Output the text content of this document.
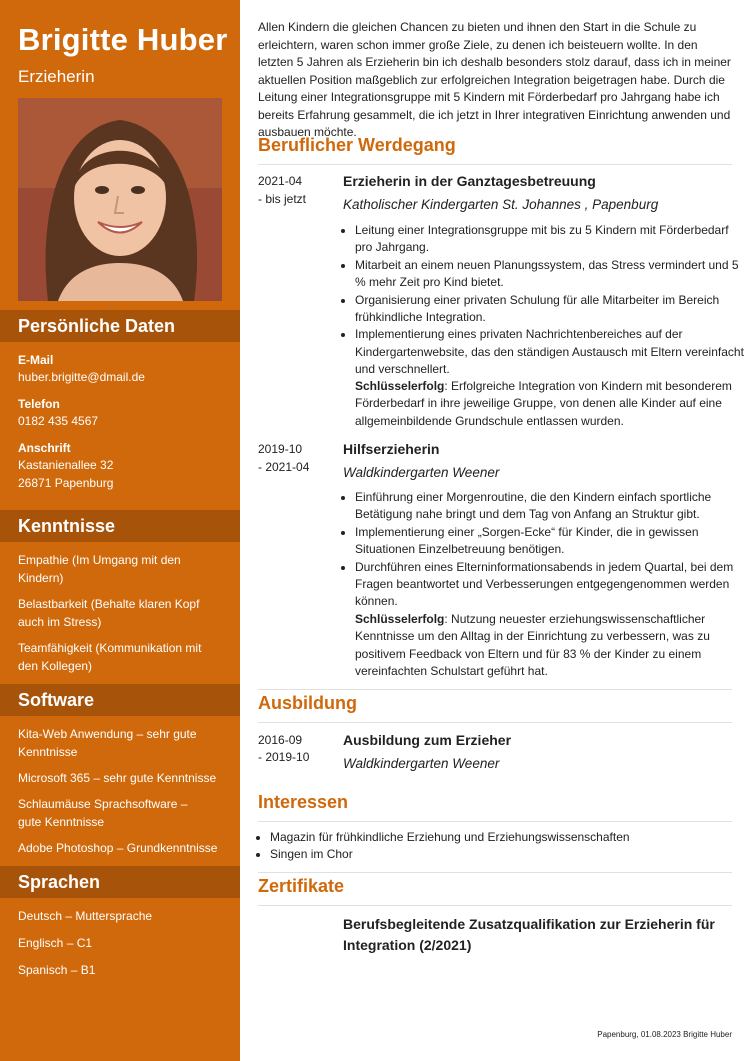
Brigitte Huber
Erzieherin
Persönliche Daten
E-Mail
huber.brigitte@dmail.de
Telefon
0182 435 4567
Anschrift
Kastanienallee 32
26871 Papenburg
Kenntnisse
Empathie (Im Umgang mit den Kindern)
Belastbarkeit (Behalte klaren Kopf auch im Stress)
Teamfähigkeit (Kommunikation mit den Kollegen)
Software
Kita-Web Anwendung – sehr gute Kenntnisse
Microsoft 365 – sehr gute Kenntnisse
Schlaumäuse Sprachsoftware – gute Kenntnisse
Adobe Photoshop – Grundkenntnisse
Sprachen
Deutsch – Muttersprache
Englisch – C1
Spanisch – B1
Allen Kindern die gleichen Chancen zu bieten und ihnen den Start in die Schule zu erleichtern, waren schon immer große Ziele, zu denen ich beisteuern wollte. In den letzten 5 Jahren als Erzieherin bin ich deshalb besonders stolz darauf, dass ich in meiner aktuellen Position maßgeblich zur erfolgreichen Integration beigetragen habe. Durch die Leitung einer Integrationsgruppe mit 5 Kindern mit Förderbedarf pro Jahrgang habe ich bereits Erfahrung gesammelt, die ich jetzt in Ihrer integrativen Einrichtung anwenden und ausbauen möchte.
Beruflicher Werdegang
2021-04
- bis jetzt
Erzieherin in der Ganztagesbetreuung
Katholischer Kindergarten St. Johannes , Papenburg
• Leitung einer Integrationsgruppe mit bis zu 5 Kindern mit Förderbedarf pro Jahrgang.
• Mitarbeit an einem neuen Planungssystem, das Stress vermindert und 5 % mehr Zeit pro Kind bietet.
• Organisierung einer privaten Schulung für alle Mitarbeiter im Bereich frühkindliche Integration.
• Implementierung eines privaten Nachrichtenbereiches auf der Kindergartenwebsite, das den ständigen Austausch mit Eltern vereinfacht und verschnellert.
Schlüsselerfolg: Erfolgreiche Integration von Kindern mit besonderem Förderbedarf in ihre jeweilige Gruppe, von denen alle Kinder auf eine allgemeinbildende Grundschule entlassen wurden.
2019-10
- 2021-04
Hilfserzieherin
Waldkindergarten Weener
• Einführung einer Morgenroutine, die den Kindern einfach sportliche Betätigung nahe bringt und dem Tag von Anfang an Struktur gibt.
• Implementierung einer „Sorgen-Ecke“ für Kinder, die in gewissen Situationen Einzelbetreuung benötigen.
• Durchführen eines Elterninformationsabends in jedem Quartal, bei dem Fragen beantwortet und Verbesserungen entgegengenommen werden können.
Schlüsselerfolg: Nutzung neuester erziehungswissenschaftlicher Kenntnisse um den Alltag in der Einrichtung zu verbessern, was zu positivem Feedback von Eltern und für 83 % der Kinder zu einem vereinfachten Schulstart geführt hat.
Ausbildung
2016-09
- 2019-10
Ausbildung zum Erzieher
Waldkindergarten Weener
Interessen
• Magazin für frühkindliche Erziehung und Erziehungswissenschaften
• Singen im Chor
Zertifikate
Berufsbegleitende Zusatzqualifikation zur Erzieherin für Integration (2/2021)
Papenburg, 01.08.2023 Brigitte Huber
